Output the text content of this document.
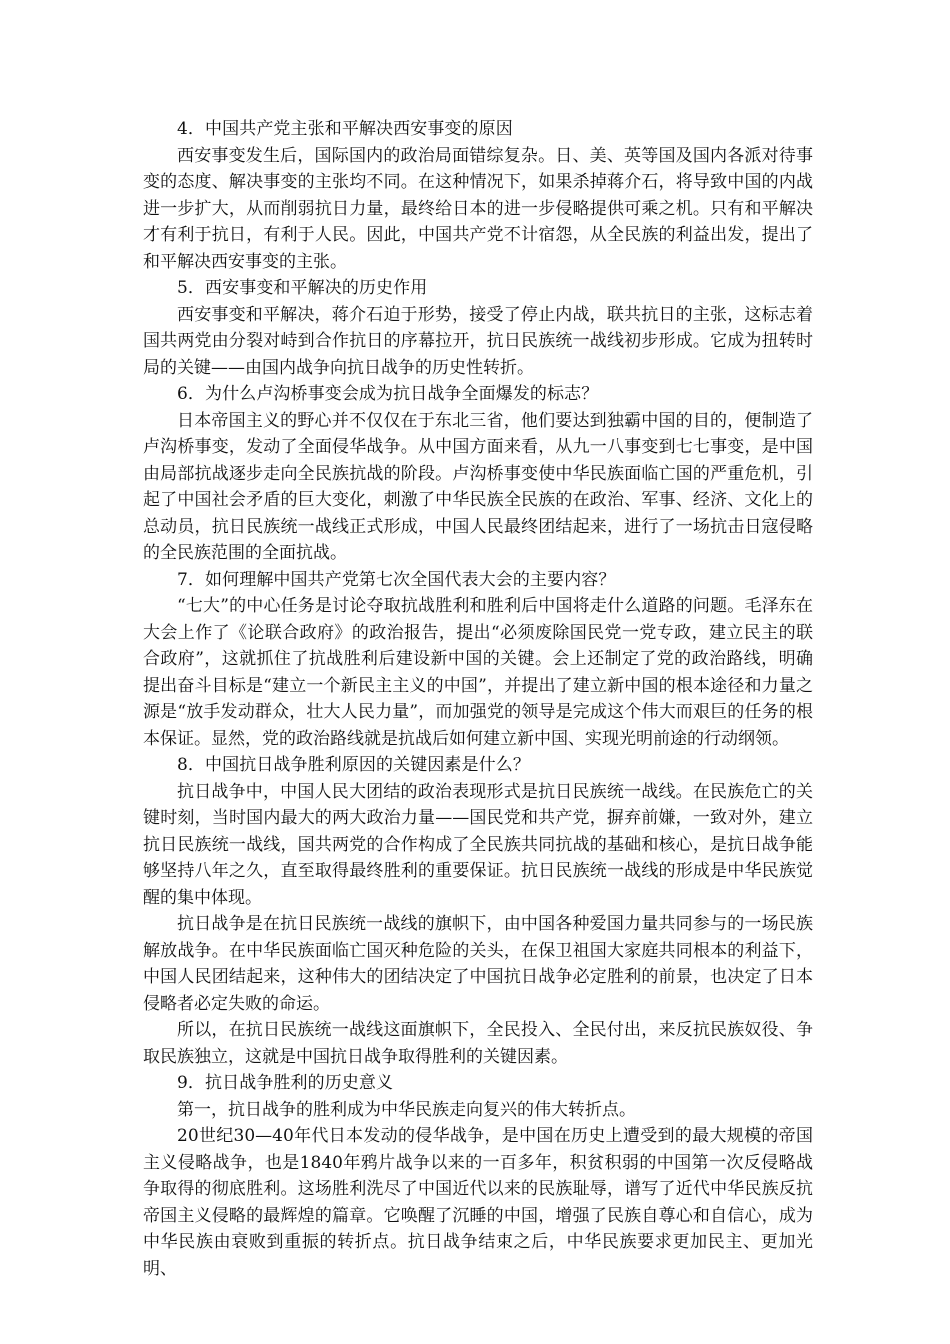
4．中国共产党主张和平解决西安事变的原因

西安事变发生后，国际国内的政治局面错综复杂。日、美、英等国及国内各派对待事变的态度、解决事变的主张均不同。在这种情况下，如果杀掉蒋介石，将导致中国的内战进一步扩大，从而削弱抗日力量，最终给日本的进一步侵略提供可乘之机。只有和平解决才有利于抗日，有利于人民。因此，中国共产党不计宿怨，从全民族的利益出发，提出了和平解决西安事变的主张。

5．西安事变和平解决的历史作用

西安事变和平解决，蒋介石迫于形势，接受了停止内战，联共抗日的主张，这标志着国共两党由分裂对峙到合作抗日的序幕拉开，抗日民族统一战线初步形成。它成为扭转时局的关键——由国内战争向抗日战争的历史性转折。

6．为什么卢沟桥事变会成为抗日战争全面爆发的标志？

日本帝国主义的野心并不仅仅在于东北三省，他们要达到独霸中国的目的，便制造了卢沟桥事变，发动了全面侵华战争。从中国方面来看，从九一八事变到七七事变，是中国由局部抗战逐步走向全民族抗战的阶段。卢沟桥事变使中华民族面临亡国的严重危机，引起了中国社会矛盾的巨大变化，刺激了中华民族全民族的在政治、军事、经济、文化上的总动员，抗日民族统一战线正式形成，中国人民最终团结起来，进行了一场抗击日寇侵略的全民族范围的全面抗战。

7．如何理解中国共产党第七次全国代表大会的主要内容？

“七大”的中心任务是讨论夺取抗战胜利和胜利后中国将走什么道路的问题。毛泽东在大会上作了《论联合政府》的政治报告，提出“必须废除国民党一党专政，建立民主的联合政府”，这就抓住了抗战胜利后建设新中国的关键。会上还制定了党的政治路线，明确提出奋斗目标是“建立一个新民主主义的中国”，并提出了建立新中国的根本途径和力量之源是“放手发动群众，壮大人民力量”，而加强党的领导是完成这个伟大而艰巨的任务的根本保证。显然，党的政治路线就是抗战后如何建立新中国、实现光明前途的行动纲领。

8．中国抗日战争胜利原因的关键因素是什么？

抗日战争中，中国人民大团结的政治表现形式是抗日民族统一战线。在民族危亡的关键时刻，当时国内最大的两大政治力量——国民党和共产党，摒弃前嫌，一致对外，建立抗日民族统一战线，国共两党的合作构成了全民族共同抗战的基础和核心，是抗日战争能够坚持八年之久，直至取得最终胜利的重要保证。抗日民族统一战线的形成是中华民族觉醒的集中体现。

抗日战争是在抗日民族统一战线的旗帜下，由中国各种爱国力量共同参与的一场民族解放战争。在中华民族面临亡国灭种危险的关头，在保卫祖国大家庭共同根本的利益下，中国人民团结起来，这种伟大的团结决定了中国抗日战争必定胜利的前景，也决定了日本侵略者必定失败的命运。

所以，在抗日民族统一战线这面旗帜下，全民投入、全民付出，来反抗民族奴役、争取民族独立，这就是中国抗日战争取得胜利的关键因素。

9．抗日战争胜利的历史意义

第一，抗日战争的胜利成为中华民族走向复兴的伟大转折点。

20世纪30—40年代日本发动的侵华战争，是中国在历史上遭受到的最大规模的帝国主义侵略战争，也是1840年鸦片战争以来的一百多年，积贫积弱的中国第一次反侵略战争取得的彻底胜利。这场胜利洗尽了中国近代以来的民族耻辱，谱写了近代中华民族反抗帝国主义侵略的最辉煌的篇章。它唤醒了沉睡的中国，增强了民族自尊心和自信心，成为中华民族由衰败到重振的转折点。抗日战争结束之后，中华民族要求更加民主、更加光明、
